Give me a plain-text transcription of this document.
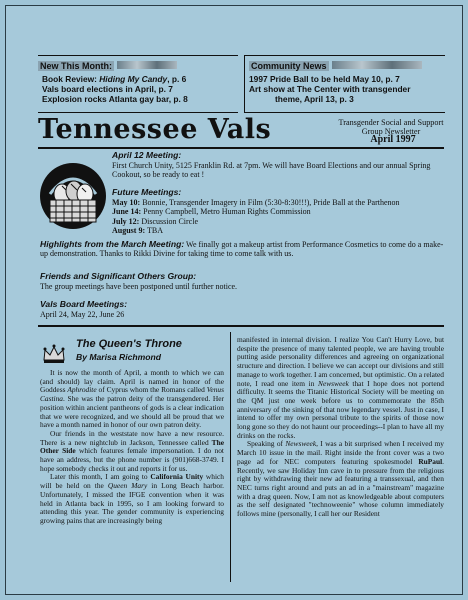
New This Month:
Book Review: Hiding My Candy, p. 6
Vals board elections in April, p. 7
Explosion rocks Atlanta gay bar, p. 8
Community News
1997 Pride Ball to be held May 10, p. 7
Art show at The Center with transgender
theme, April 13, p. 3
Tennessee Vals	Transgender Social and Support Group Newsletter
April 1997
April 12 Meeting:
First Church Unity, 5125 Franklin Rd. at 7pm. We will have Board Elections and our annual Spring Cookout, so be ready to eat !
Future Meetings:
May 10: Bonnie, Transgender Imagery in Film (5:30-8:30!!!), Pride Ball at the Parthenon
June 14: Penny Campbell, Metro Human Rights Commission
July 12: Discussion Circle
August 9: TBA
Highlights from the March Meeting: We finally got a makeup artist from Performance Cosmetics to come do a make-up demonstration. Thanks to Rikki Divine for taking time to come talk with us.
Friends and Significant Others Group:
The group meetings have been postponed until further notice.
Vals Board Meetings:
April 24, May 22, June 26
The Queen's Throne
By Marisa Richmond

It is now the month of April, a month to which we can (and should) lay claim. April is named in honor of the Goddess Aphrodite of Cyprus whom the Romans called Venus Castina. She was the patron deity of the transgendered. Her position within ancient pantheons of gods is a clear indication that we were recognized, and we should all be proud that we have a month named in honor of our own patron deity.

Our friends in the weststate now have a new resource. There is a new nightclub in Jackson, Tennessee called The Other Side which features female impersonation. I do not have an address, but the phone number is (901)668-3749. I hope somebody checks it out and reports it for us.

Later this month, I am going to California Unity which will be held on the Queen Mary in Long Beach harbor. Unfortunately, I missed the IFGE convention when it was held in Atlanta back in 1995, so I am looking forward to attending this year. The gender community is experiencing growing pains that are increasingly being

manifested in internal division. I realize You Can't Hurry Love, but despite the presence of many talented people, we are having trouble putting aside personality differences and agreeing on organizational structure and direction. I believe we can accept our divisions and still manage to work together. I am concerned, but optimistic. On a related note, I read one item in Newsweek that I hope does not portend difficulty. It seems the Titanic Historical Society will be meeting on the QM just one week before us to commemorate the 85th anniversary of the sinking of that now legendary vessel. Just in case, I intend to offer my own personal tribute to the spirits of those now long gone so they do not haunt our proceedings--I plan to have all my drinks on the rocks.

Speaking of Newsweek, I was a bit surprised when I received my March 10 issue in the mail. Right inside the front cover was a two page ad for NEC computers featuring spokesmodel RuPaul. Recently, we saw Holiday Inn cave in to pressure from the religious right by withdrawing their new ad featuring a transsexual, and then NEC turns right around and puts an ad in a "mainstream" magazine with a drag queen. Now, I am not as knowledgeable about computers as the self designated "technoweenie" whose column immediately follows mine (personally, I call her our Resident
